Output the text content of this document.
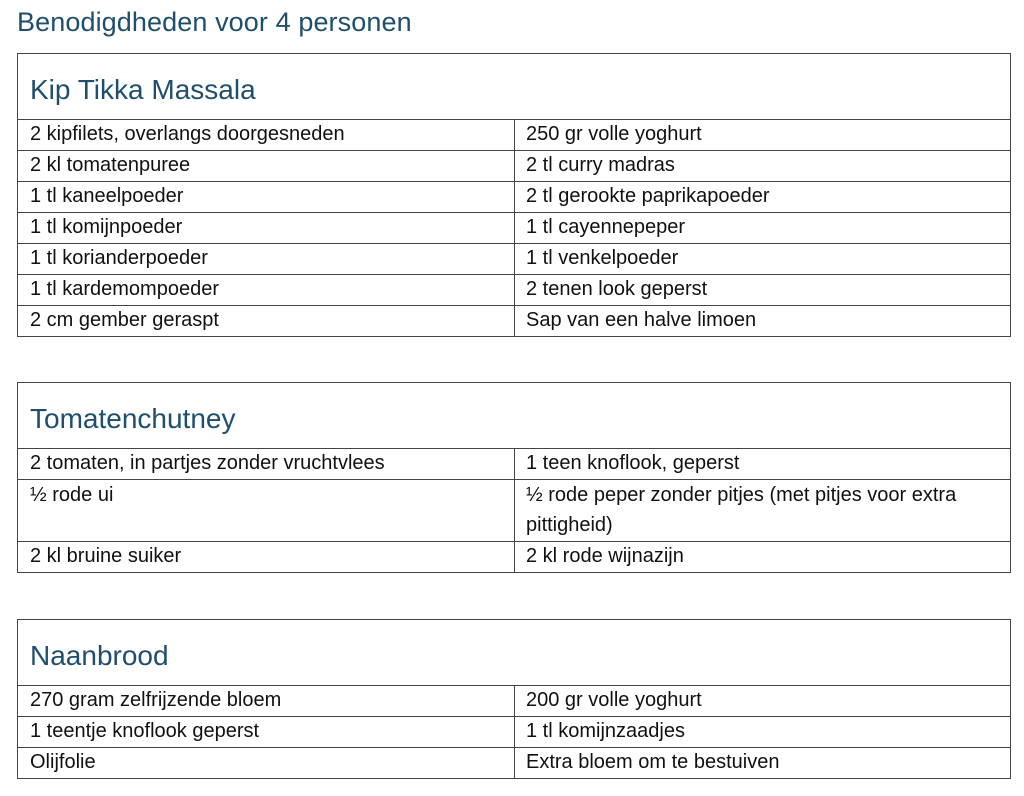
Benodigdheden voor 4 personen
Kip Tikka Massala
2 kipfilets, overlangs doorgesneden	250 gr volle yoghurt
2 kl tomatenpuree	2 tl curry madras
1 tl kaneelpoeder	2 tl gerookte paprikapoeder
1 tl komijnpoeder	1 tl cayennepeper
1 tl korianderpoeder	1 tl venkelpoeder
1 tl kardemompoeder	2 tenen look geperst
2 cm gember geraspt	Sap van een halve limoen
Tomatenchutney
2 tomaten, in partjes zonder vruchtvlees	1 teen knoflook, geperst
½ rode ui	½ rode peper zonder pitjes (met pitjes voor extra pittigheid)
2 kl bruine suiker	2 kl rode wijnazijn
Naanbrood
270 gram zelfrijzende bloem	200 gr volle yoghurt
1 teentje knoflook geperst	1 tl komijnzaadjes
Olijfolie	Extra bloem om te bestuiven
